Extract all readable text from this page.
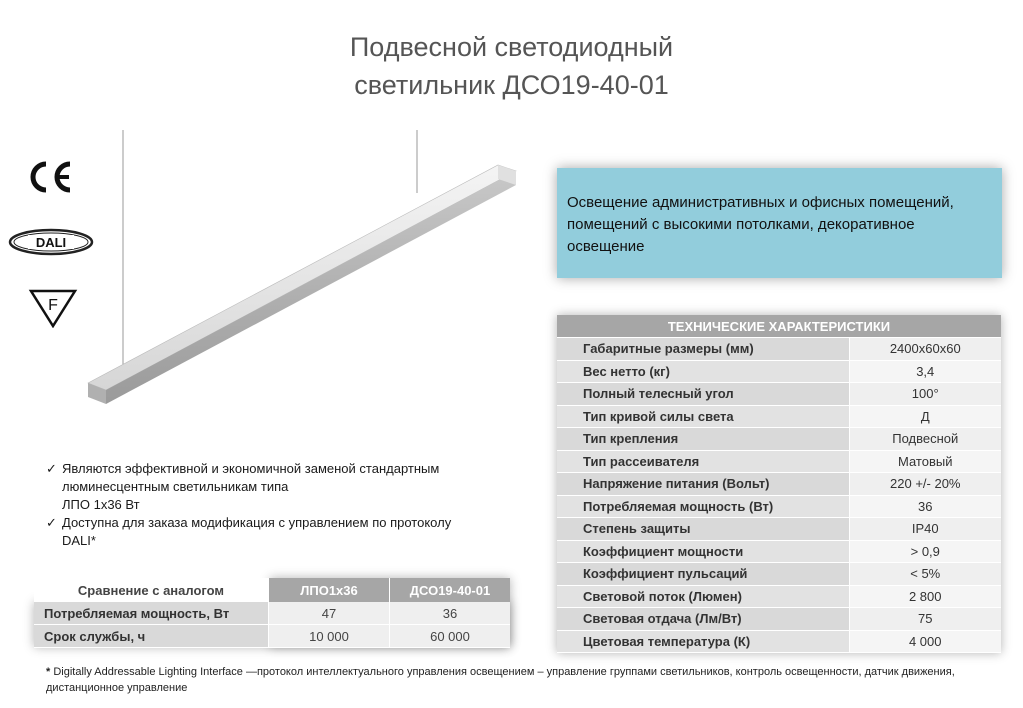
Подвесной светодиодный
светильник ДСО19-40-01
DALI
F
Освещение административных и офисных помещений, помещений с высокими потолками, декоративное освещение
ТЕХНИЧЕСКИЕ ХАРАКТЕРИСТИКИ	
Габаритные размеры (мм)	2400х60х60
Вес нетто (кг)	3,4
Полный телесный угол	100°
Тип кривой силы света	Д
Тип крепления	Подвесной
Тип рассеивателя	Матовый
Напряжение питания (Вольт)	220 +/- 20%
Потребляемая мощность (Вт)	36
Степень защиты	IP40
Коэффициент мощности	> 0,9
Коэффициент пульсаций	< 5%
Световой поток (Люмен)	2 800
Световая отдача (Лм/Вт)	75
Цветовая температура (К)	4 000
✓ Являются эффективной и экономичной заменой стандартным
люминесцентным светильникам типа
ЛПО 1х36 Вт
✓ Доступна для заказа модификация с управлением по протоколу
DALI*
Сравнение с аналогом	ЛПО1х36	ДСО19-40-01
Потребляемая мощность, Вт	47	36
Срок службы, ч	10 000	60 000
* Digitally Addressable Lighting Interface —протокол интеллектуального управления освещением – управление группами светильников, контроль освещенности, датчик движения, дистанционное управление
